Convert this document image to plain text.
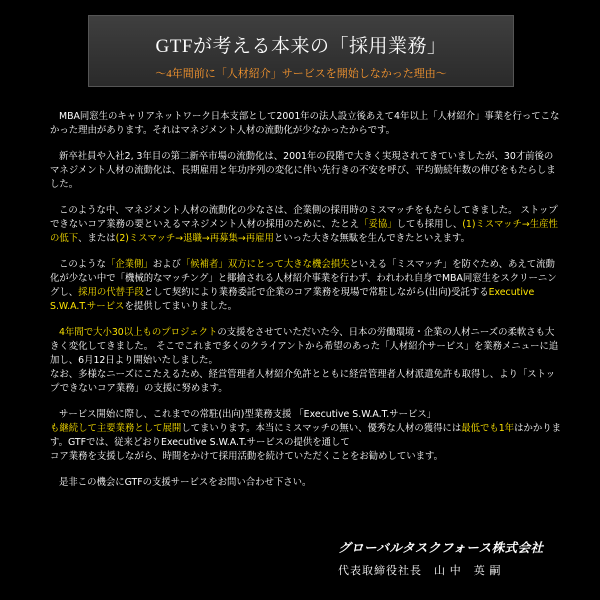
GTFが考える本来の「採用業務」
〜4年間前に「人材紹介」サービスを開始しなかった理由〜

MBA同窓生のキャリアネットワーク日本支部として2001年の法人設立後あえて4年以上「人材紹介」事業を行ってこなかった理由があります。それはマネジメント人材の流動化が少なかったからです。

新卒社員や入社2, 3年目の第二新卒市場の流動化は、2001年の段階で大きく実現されてきていましたが、30才前後のマネジメント人材の流動化は、長期雇用と年功序列の変化に伴い先行きの不安を呼び、平均勤続年数の伸びをもたらしました。

このような中、マネジメント人材の流動化の少なさは、企業側の採用時のミスマッチをもたらしてきました。 ストップできないコア業務の要といえるマネジメント人材の採用のために、たとえ「妥協」しても採用し、(1)ミスマッチ→生産性の低下、または(2)ミスマッチ→退職→再募集→再雇用といった大きな無駄を生んできたといえます。

このような「企業側」および「候補者」双方にとって大きな機会損失といえる「ミスマッチ」を防ぐため、あえて流動化が少ない中で「機械的なマッチング」と揶揄される人材紹介事業を行わず、われわれ自身でMBA同窓生をスクリーニングし、採用の代替手段として契約により業務委託で企業のコア業務を現場で常駐しながら(出向)受託するExecutive S.W.A.T.サービスを提供してまいりました。

4年間で大小30以上ものプロジェクトの支援をさせていただいた今、日本の労働環境・企業の人材ニーズの柔軟さも大きく変化してきました。 そこでこれまで多くのクライアントから希望のあった「人材紹介サービス」を業務メニューに追加し、6月12日より開始いたしました。
なお、多様なニーズにこたえるため、経営管理者人材紹介免許とともに経営管理者人材派遣免許も取得し、より「ストップできないコア業務」の支援に努めます。

サービス開始に際し、これまでの常駐(出向)型業務支援 「Executive S.W.A.T.サービス」
も継続して主要業務として展開してまいります。本当にミスマッチの無い、優秀な人材の獲得には最低でも1年はかかります。GTFでは、従来どおりExecutive S.W.A.T.サービスの提供を通して
コア業務を支援しながら、時間をかけて採用活動を続けていただくことをお勧めしています。

是非この機会にGTFの支援サービスをお問い合わせ下さい。

グローバルタスクフォース株式会社
代表取締役社長　山 中　英 嗣
